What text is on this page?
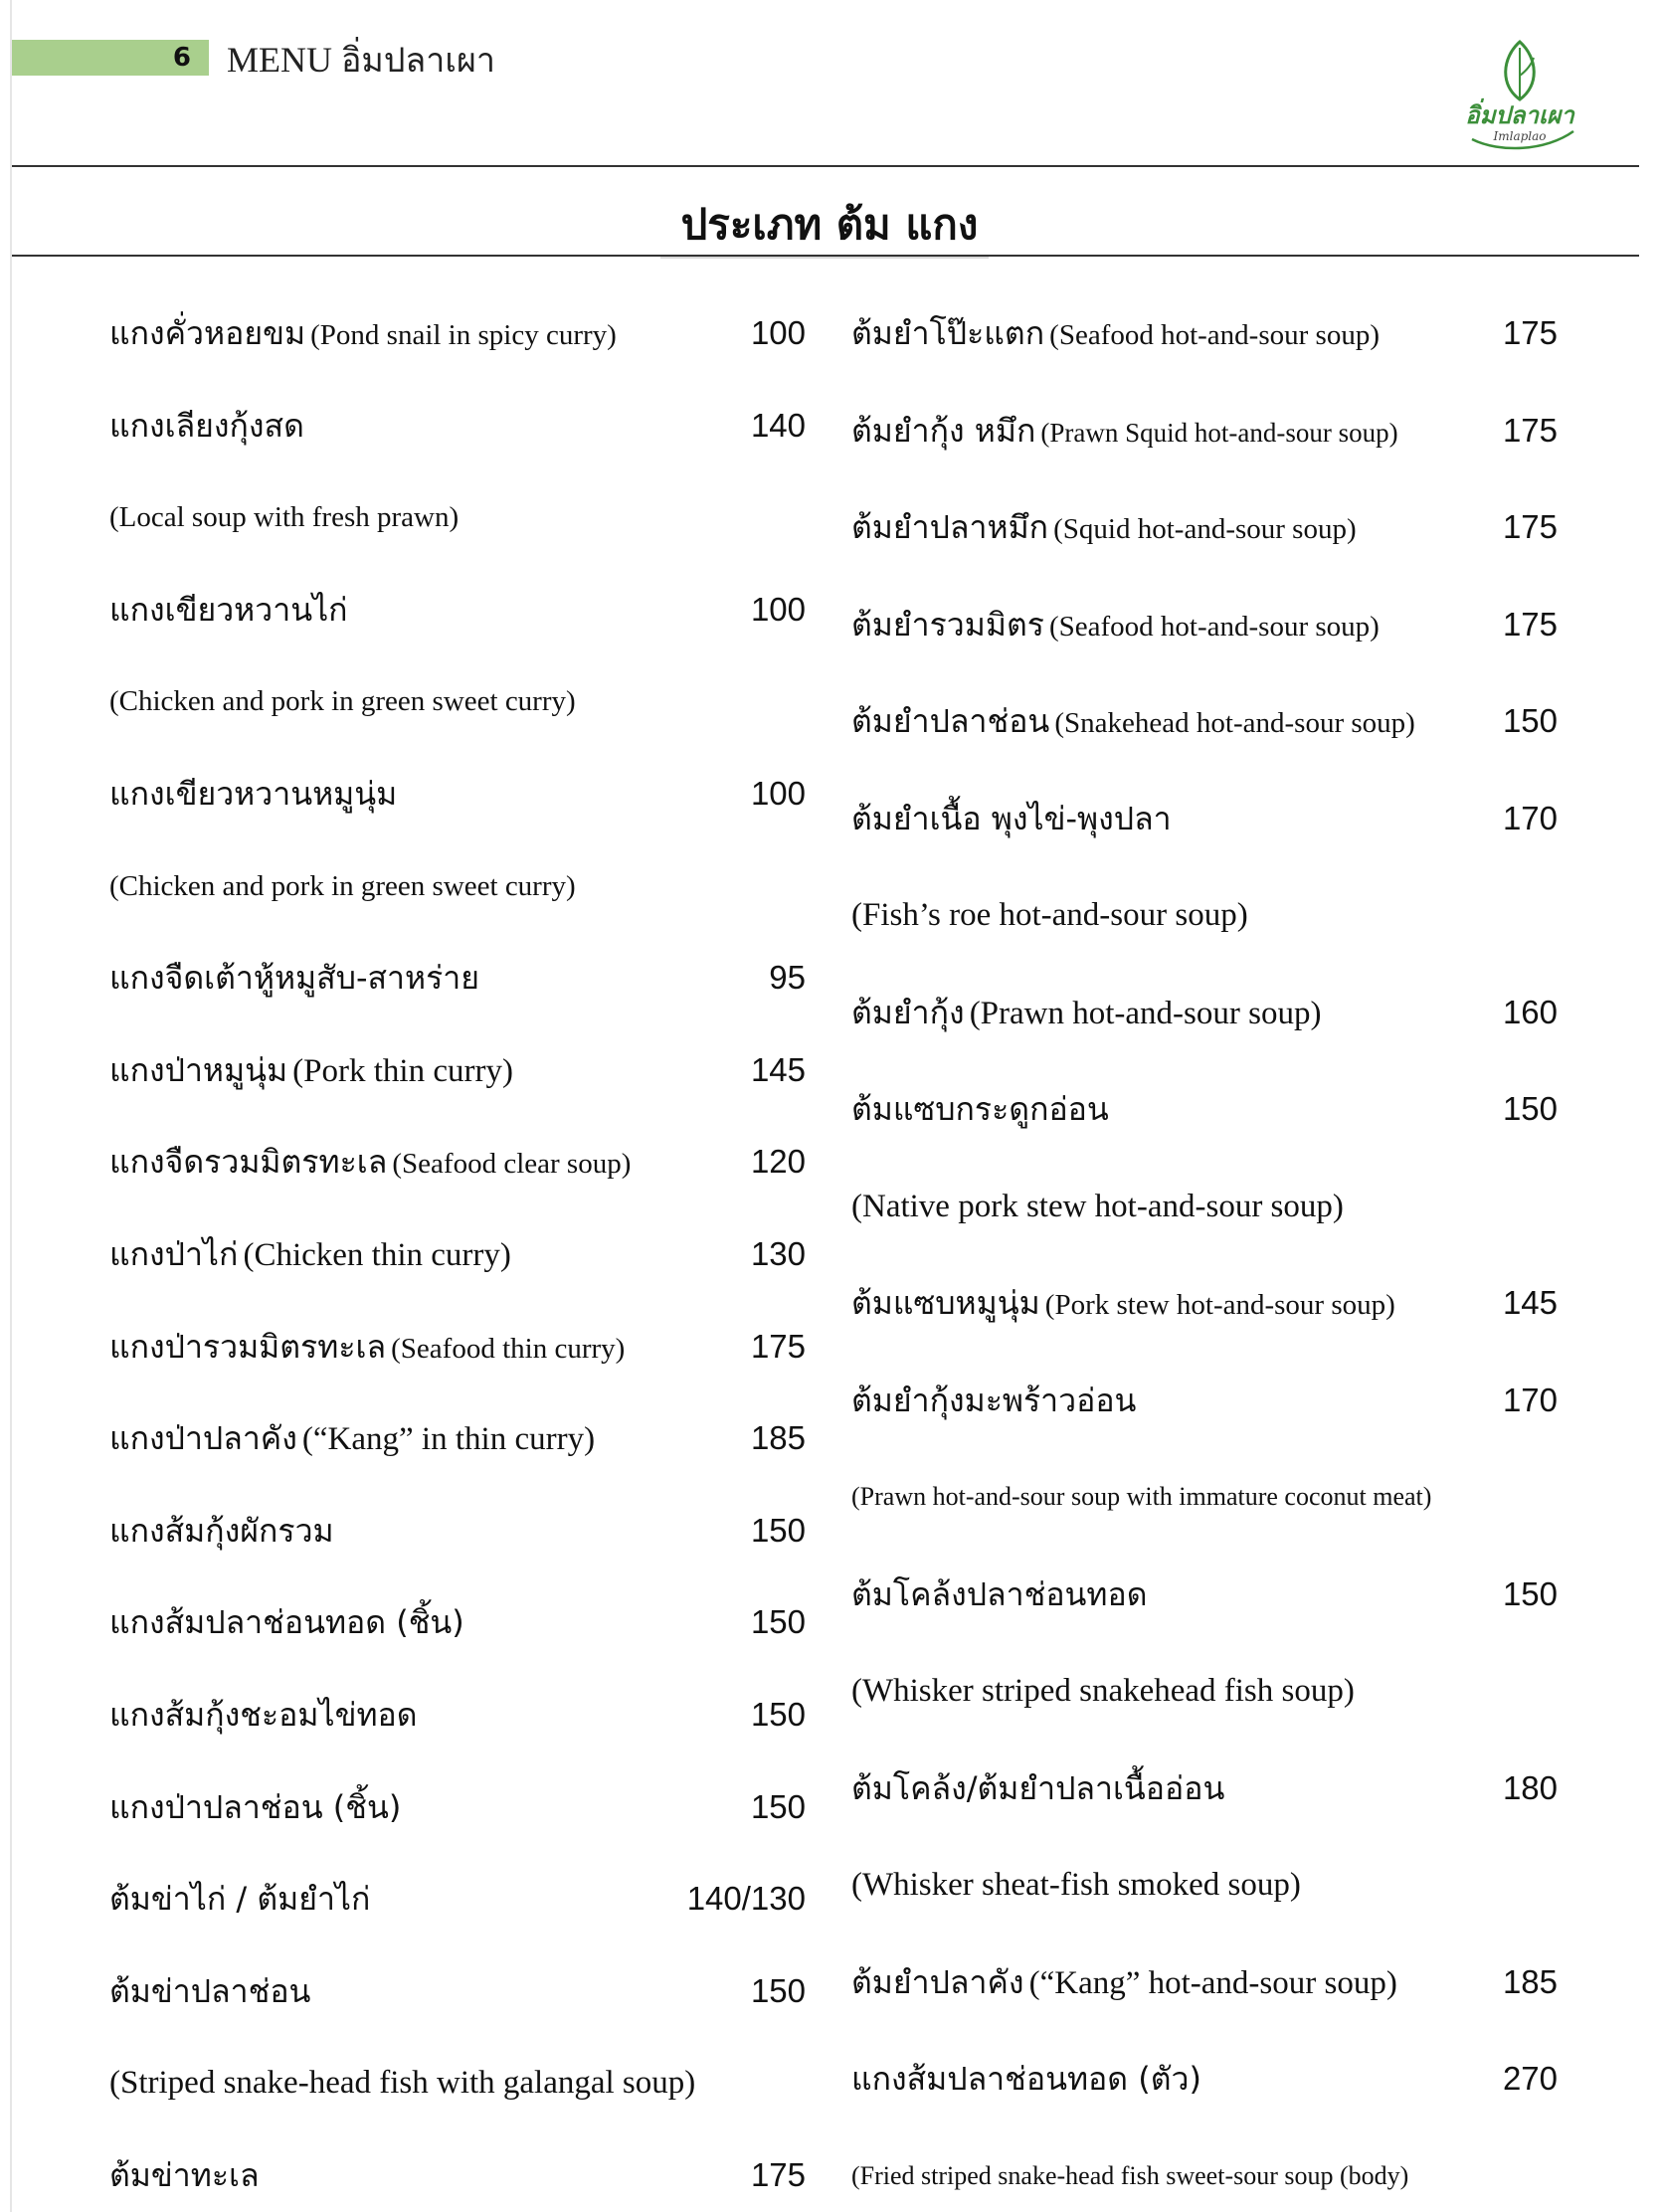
6	MENU อิ่มปลาเผา
อิ่มปลาเผา
Imlaplao
ประเภท ต้ม แกง
แกงคั่วหอยขม (Pond snail in spicy curry)	100
แกงเลียงกุ้งสด	140
(Local soup with fresh prawn)
แกงเขียวหวานไก่	100
(Chicken and pork in green sweet curry)
แกงเขียวหวานหมูนุ่ม	100
(Chicken and pork in green sweet curry)
แกงจืดเต้าหู้หมูสับ-สาหร่าย	95
แกงป่าหมูนุ่ม (Pork thin curry)	145
แกงจืดรวมมิตรทะเล (Seafood clear soup)	120
แกงป่าไก่ (Chicken thin curry)	130
แกงป่ารวมมิตรทะเล (Seafood thin curry)	175
แกงป่าปลาคัง (“Kang” in thin curry)	185
แกงส้มกุ้งผักรวม	150
แกงส้มปลาช่อนทอด (ชิ้น)	150
แกงส้มกุ้งชะอมไข่ทอด	150
แกงป่าปลาช่อน (ชิ้น)	150
ต้มข่าไก่ / ต้มยำไก่	140/130
ต้มข่าปลาช่อน	150
(Striped snake-head fish with galangal soup)
ต้มข่าทะเล	175
ต้มยำโป๊ะแตก (Seafood hot-and-sour soup)	175
ต้มยำกุ้ง หมึก (Prawn Squid hot-and-sour soup)	175
ต้มยำปลาหมึก (Squid hot-and-sour soup)	175
ต้มยำรวมมิตร (Seafood hot-and-sour soup)	175
ต้มยำปลาช่อน (Snakehead hot-and-sour soup)	150
ต้มยำเนื้อ พุงไข่-พุงปลา	170
(Fish’s roe hot-and-sour soup)
ต้มยำกุ้ง (Prawn hot-and-sour soup)	160
ต้มแซบกระดูกอ่อน	150
(Native pork stew hot-and-sour soup)
ต้มแซบหมูนุ่ม (Pork stew hot-and-sour soup)	145
ต้มยำกุ้งมะพร้าวอ่อน	170
(Prawn hot-and-sour soup with immature coconut meat)
ต้มโคล้งปลาช่อนทอด	150
(Whisker striped snakehead fish soup)
ต้มโคล้ง/ต้มยำปลาเนื้ออ่อน	180
(Whisker sheat-fish smoked soup)
ต้มยำปลาคัง (“Kang” hot-and-sour soup)	185
แกงส้มปลาช่อนทอด (ตัว)	270
(Fried striped snake-head fish sweet-sour soup (body)
